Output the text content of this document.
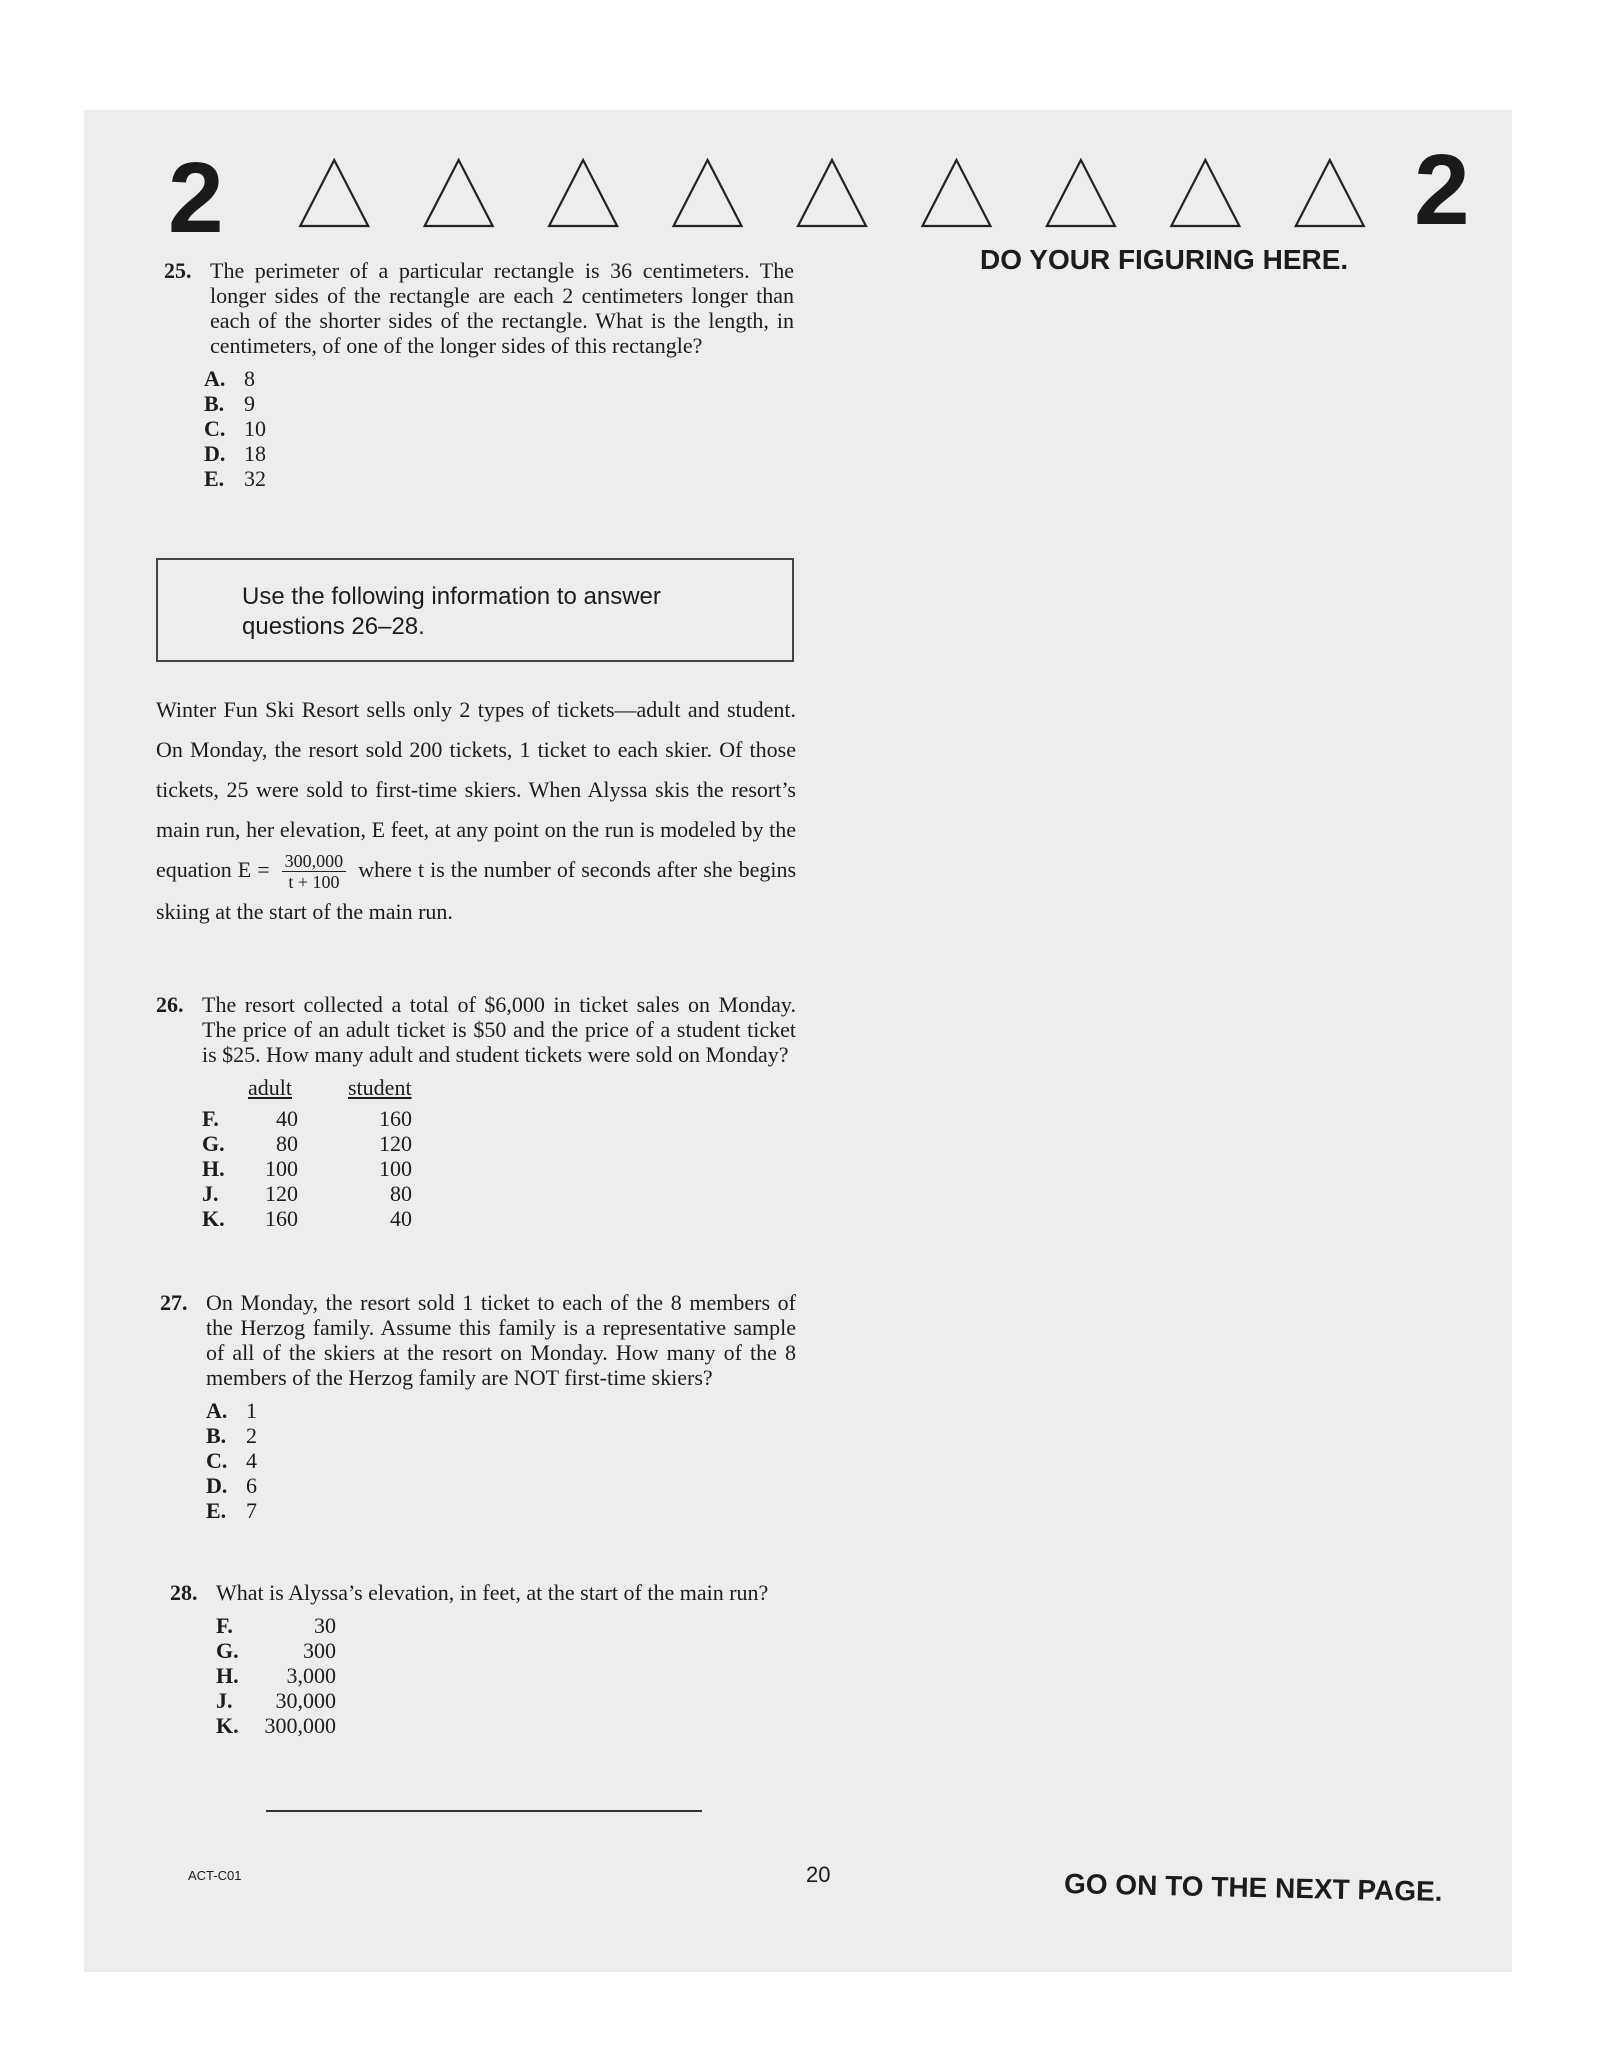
2	2
DO YOUR FIGURING HERE.
25. The perimeter of a particular rectangle is 36 centimeters. The longer sides of the rectangle are each 2 centimeters longer than each of the shorter sides of the rectangle. What is the length, in centimeters, of one of the longer sides of this rectangle?
A. 8
B. 9
C. 10
D. 18
E. 32
Use the following information to answer
questions 26–28.
Winter Fun Ski Resort sells only 2 types of tickets—adult and student. On Monday, the resort sold 200 tickets, 1 ticket to each skier. Of those tickets, 25 were sold to first-time skiers. When Alyssa skis the resort’s main run, her elevation, E feet, at any point on the run is modeled by the equation $E = \frac{300,000}{t + 100}$ where t is the number of seconds after she begins skiing at the start of the main run.
26. The resort collected a total of $6,000 in ticket sales on Monday. The price of an adult ticket is $50 and the price of a student ticket is $25. How many adult and student tickets were sold on Monday?
adult	student
F.	40	160
G.	80	120
H.	100	100
J.	120	80
K.	160	40
27. On Monday, the resort sold 1 ticket to each of the 8 members of the Herzog family. Assume this family is a representative sample of all of the skiers at the resort on Monday. How many of the 8 members of the Herzog family are NOT first-time skiers?
A. 1
B. 2
C. 4
D. 6
E. 7
28. What is Alyssa’s elevation, in feet, at the start of the main run?
F.	30
G.	300
H.	3,000
J.	30,000
K.	300,000
ACT-C01	20	GO ON TO THE NEXT PAGE.
